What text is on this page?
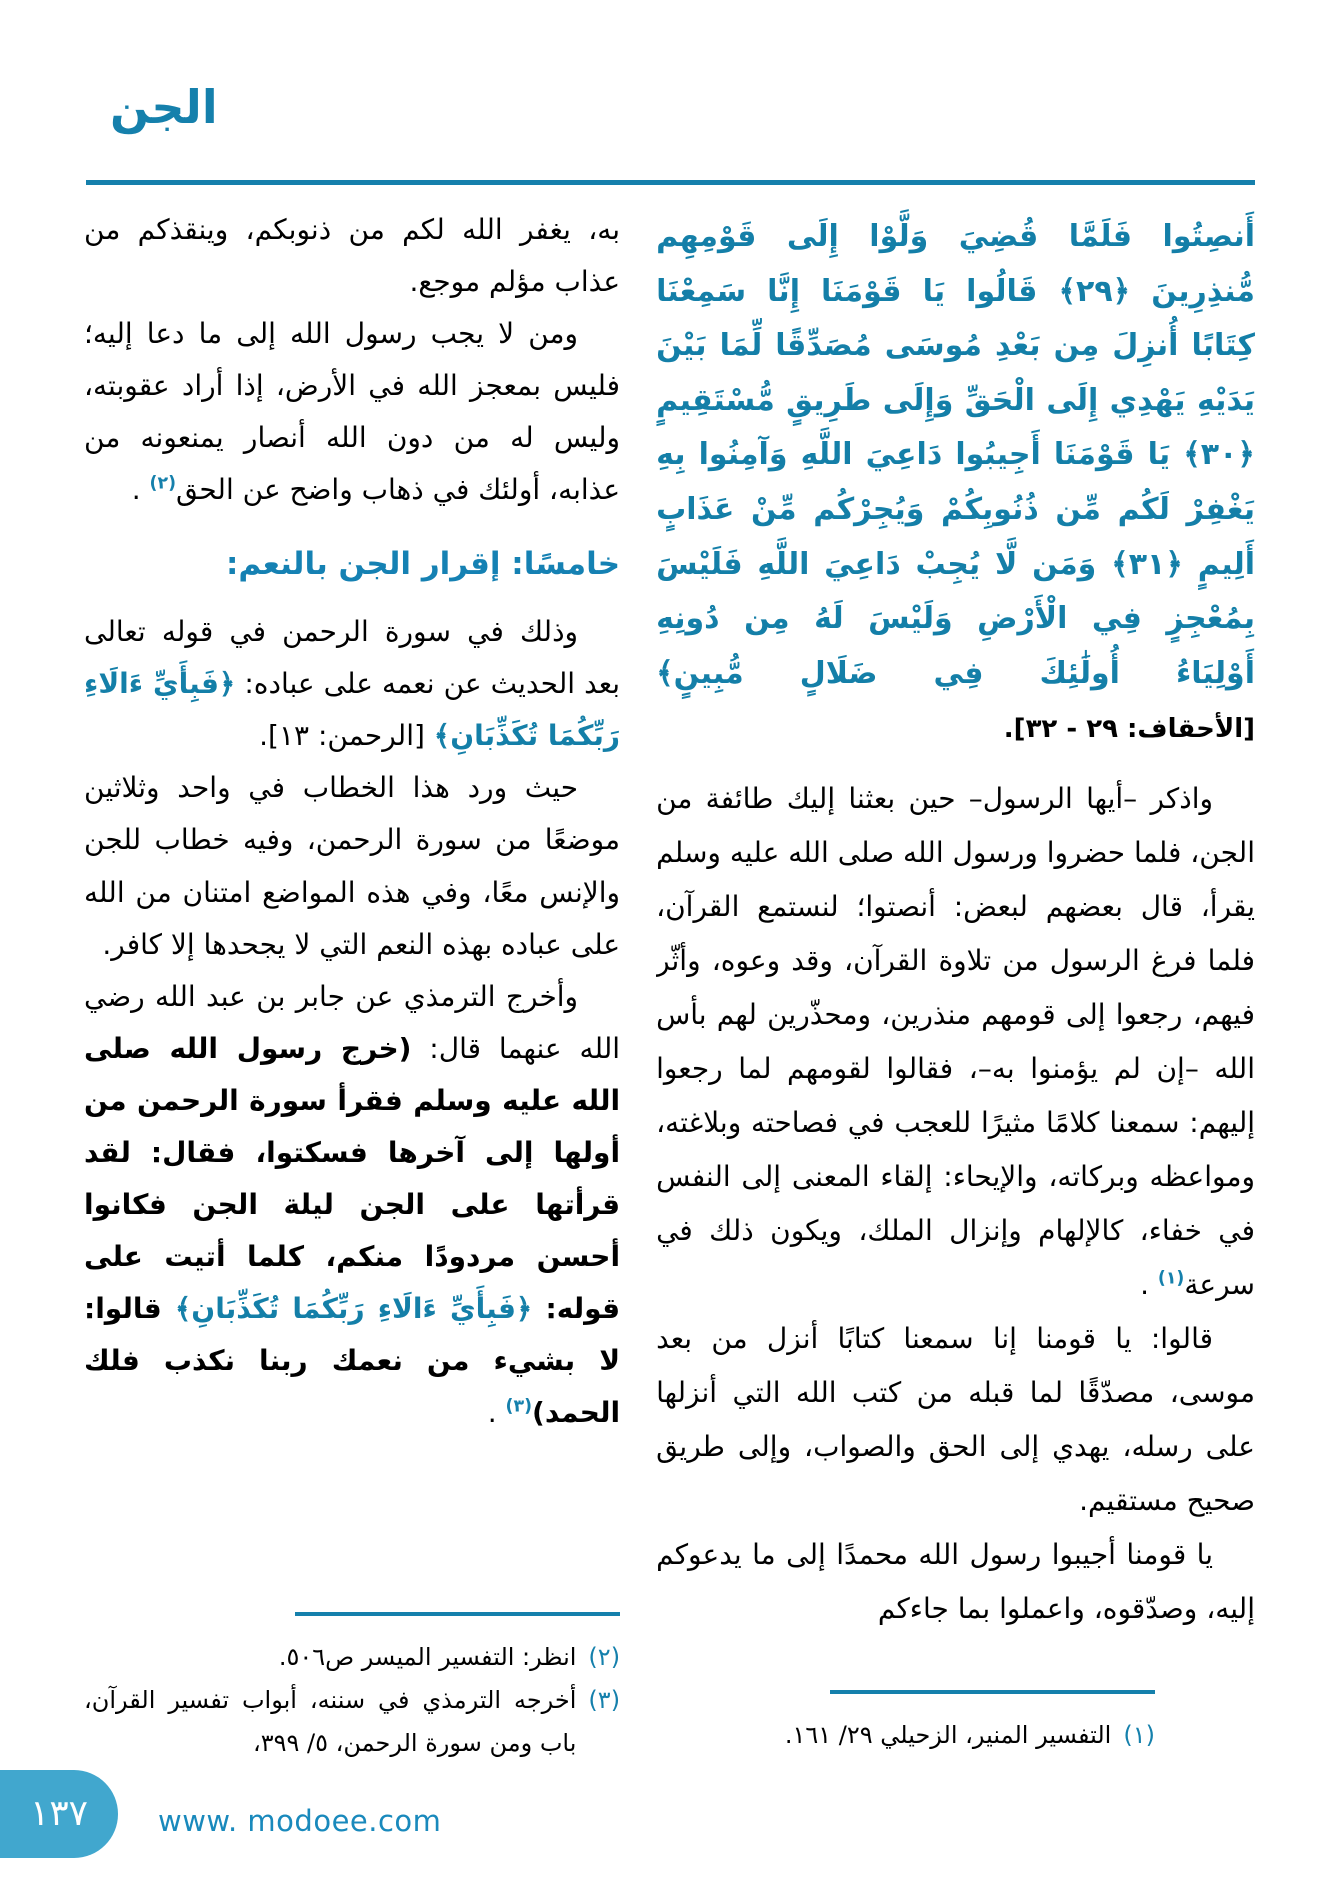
الجن
أَنصِتُوا فَلَمَّا قُضِيَ وَلَّوْا إِلَى قَوْمِهِم مُّنذِرِينَ ﴿٢٩﴾ قَالُوا يَا قَوْمَنَا إِنَّا سَمِعْنَا كِتَابًا أُنزِلَ مِن بَعْدِ مُوسَى مُصَدِّقًا لِّمَا بَيْنَ يَدَيْهِ يَهْدِي إِلَى الْحَقِّ وَإِلَى طَرِيقٍ مُّسْتَقِيمٍ ﴿٣٠﴾ يَا قَوْمَنَا أَجِيبُوا دَاعِيَ اللَّهِ وَآمِنُوا بِهِ يَغْفِرْ لَكُم مِّن ذُنُوبِكُمْ وَيُجِرْكُم مِّنْ عَذَابٍ أَلِيمٍ ﴿٣١﴾ وَمَن لَّا يُجِبْ دَاعِيَ اللَّهِ فَلَيْسَ بِمُعْجِزٍ فِي الْأَرْضِ وَلَيْسَ لَهُ مِن دُونِهِ أَوْلِيَاءُ أُولَٰئِكَ فِي ضَلَالٍ مُّبِينٍ﴾ [الأحقاف: ٢٩ - ٣٢].

واذكر –أيها الرسول– حين بعثنا إليك طائفة من الجن، فلما حضروا ورسول الله صلى الله عليه وسلم يقرأ، قال بعضهم لبعض: أنصتوا؛ لنستمع القرآن، فلما فرغ الرسول من تلاوة القرآن، وقد وعوه، وأثّر فيهم، رجعوا إلى قومهم منذرين، ومحذّرين لهم بأس الله –إن لم يؤمنوا به–، فقالوا لقومهم لما رجعوا إليهم: سمعنا كلامًا مثيرًا للعجب في فصاحته وبلاغته، ومواعظه وبركاته، والإيحاء: إلقاء المعنى إلى النفس في خفاء، كالإلهام وإنزال الملك، ويكون ذلك في سرعة$^{(١)}$ .

قالوا: يا قومنا إنا سمعنا كتابًا أنزل من بعد موسى، مصدّقًا لما قبله من كتب الله التي أنزلها على رسله، يهدي إلى الحق والصواب، وإلى طريق صحيح مستقيم.

يا قومنا أجيبوا رسول الله محمدًا إلى ما يدعوكم إليه، وصدّقوه، واعملوا بما جاءكم

(١)
التفسير المنير، الزحيلي ٢٩/ ١٦١.

به، يغفر الله لكم من ذنوبكم، وينقذكم من عذاب مؤلم موجع.

ومن لا يجب رسول الله إلى ما دعا إليه؛ فليس بمعجز الله في الأرض، إذا أراد عقوبته، وليس له من دون الله أنصار يمنعونه من عذابه، أولئك في ذهاب واضح عن الحق$^{(٢)}$ .

خامسًا: إقرار الجن بالنعم:

وذلك في سورة الرحمن في قوله تعالى بعد الحديث عن نعمه على عباده: ﴿فَبِأَيِّ ءَالَاءِ رَبِّكُمَا تُكَذِّبَانِ﴾ [الرحمن: ١٣].

حيث ورد هذا الخطاب في واحد وثلاثين موضعًا من سورة الرحمن، وفيه خطاب للجن والإنس معًا، وفي هذه المواضع امتنان من الله على عباده بهذه النعم التي لا يجحدها إلا كافر.

وأخرج الترمذي عن جابر بن عبد الله رضي الله عنهما قال: (خرج رسول الله صلى الله عليه وسلم فقرأ سورة الرحمن من أولها إلى آخرها فسكتوا، فقال: لقد قرأتها على الجن ليلة الجن فكانوا أحسن مردودًا منكم، كلما أتيت على قوله: ﴿فَبِأَيِّ ءَالَاءِ رَبِّكُمَا تُكَذِّبَانِ﴾ قالوا: لا بشيء من نعمك ربنا نكذب فلك الحمد)$^{(٣)}$ .

(٢)
انظر: التفسير الميسر ص٥٠٦.
(٣)
أخرجه الترمذي في سننه، أبواب تفسير القرآن، باب ومن سورة الرحمن، ٥/ ٣٩٩،
١٣٧ www. modoee.com
